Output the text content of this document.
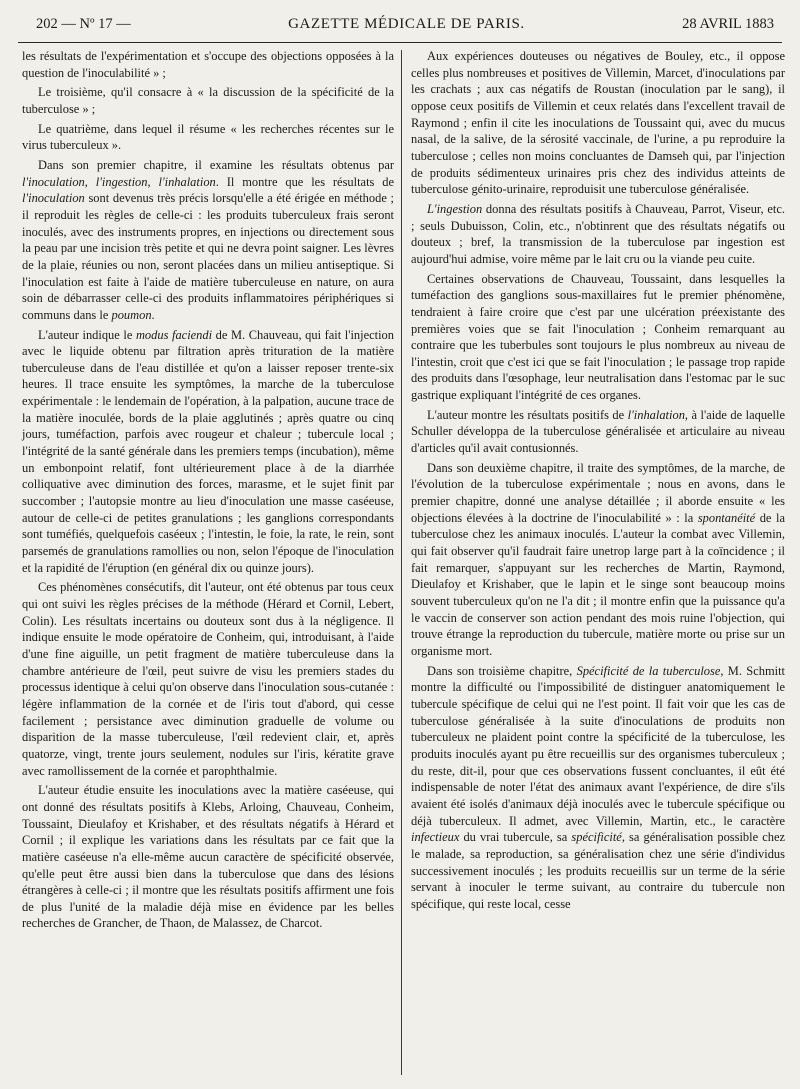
202 — Nº 17 —	GAZETTE MÉDICALE DE PARIS.	28 AVRIL 1883

les résultats de l'expérimentation et s'occupe des objections opposées à la question de l'inoculabilité » ;

Le troisième, qu'il consacre à « la discussion de la spécificité de la tuberculose » ;

Le quatrième, dans lequel il résume « les recherches récentes sur le virus tuberculeux ».

Dans son premier chapitre, il examine les résultats obtenus par l'inoculation, l'ingestion, l'inhalation. Il montre que les résultats de l'inoculation sont devenus très précis lorsqu'elle a été érigée en méthode ; il reproduit les règles de celle-ci : les produits tuberculeux frais seront inoculés, avec des instruments propres, en injections ou directement sous la peau par une incision très petite et qui ne devra point saigner. Les lèvres de la plaie, réunies ou non, seront placées dans un milieu antiseptique. Si l'inoculation est faite à l'aide de matière tuberculeuse en nature, on aura soin de débarrasser celle-ci des produits inflammatoires périphériques si communs dans le poumon.

L'auteur indique le modus faciendi de M. Chauveau, qui fait l'injection avec le liquide obtenu par filtration après trituration de la matière tuberculeuse dans de l'eau distillée et qu'on a laisser reposer trente-six heures. Il trace ensuite les symptômes, la marche de la tuberculose expérimentale : le lendemain de l'opération, à la palpation, aucune trace de la matière inoculée, bords de la plaie agglutinés ; après quatre ou cinq jours, tuméfaction, parfois avec rougeur et chaleur ; tubercule local ; l'intégrité de la santé générale dans les premiers temps (incubation), même un embonpoint relatif, font ultérieurement place à de la diarrhée colliquative avec diminution des forces, marasme, et le sujet finit par succomber ; l'autopsie montre au lieu d'inoculation une masse caséeuse, autour de celle-ci de petites granulations ; les ganglions correspondants sont tuméfiés, quelquefois caséeux ; l'intestin, le foie, la rate, le rein, sont parsemés de granulations ramollies ou non, selon l'époque de l'inoculation et la rapidité de l'éruption (en général dix ou quinze jours).

Ces phénomènes consécutifs, dit l'auteur, ont été obtenus par tous ceux qui ont suivi les règles précises de la méthode (Hérard et Cornil, Lebert, Colin). Les résultats incertains ou douteux sont dus à la négligence. Il indique ensuite le mode opératoire de Conheim, qui, introduisant, à l'aide d'une fine aiguille, un petit fragment de matière tuberculeuse dans la chambre antérieure de l'œil, peut suivre de visu les premiers stades du processus identique à celui qu'on observe dans l'inoculation sous-cutanée : légère inflammation de la cornée et de l'iris tout d'abord, qui cesse facilement ; persistance avec diminution graduelle de volume ou disparition de la masse tuberculeuse, l'œil redevient clair, et, après quatorze, vingt, trente jours seulement, nodules sur l'iris, kératite grave avec ramollissement de la cornée et parophthalmie.

L'auteur étudie ensuite les inoculations avec la matière caséeuse, qui ont donné des résultats positifs à Klebs, Arloing, Chauveau, Conheim, Toussaint, Dieulafoy et Krishaber, et des résultats négatifs à Hérard et Cornil ; il explique les variations dans les résultats par ce fait que la matière caséeuse n'a elle-même aucun caractère de spécificité observée, qu'elle peut être aussi bien dans la tuberculose que dans des lésions étrangères à celle-ci ; il montre que les résultats positifs affirment une fois de plus l'unité de la maladie déjà mise en évidence par les belles recherches de Grancher, de Thaon, de Malassez, de Charcot.

Aux expériences douteuses ou négatives de Bouley, etc., il oppose celles plus nombreuses et positives de Villemin, Marcet, d'inoculations par les crachats ; aux cas négatifs de Roustan (inoculation par le sang), il oppose ceux positifs de Villemin et ceux relatés dans l'excellent travail de Raymond ; enfin il cite les inoculations de Toussaint qui, avec du mucus nasal, de la salive, de la sérosité vaccinale, de l'urine, a pu reproduire la tuberculose ; celles non moins concluantes de Damseh qui, par l'injection de produits sédimenteux urinaires pris chez des individus atteints de tuberculose génito-urinaire, reproduisit une tuberculose généralisée.

L'ingestion donna des résultats positifs à Chauveau, Parrot, Viseur, etc. ; seuls Dubuisson, Colin, etc., n'obtinrent que des résultats négatifs ou douteux ; bref, la transmission de la tuberculose par ingestion est aujourd'hui admise, voire même par le lait cru ou la viande peu cuite.

Certaines observations de Chauveau, Toussaint, dans lesquelles la tuméfaction des ganglions sous-maxillaires fut le premier phénomène, tendraient à faire croire que c'est par une ulcération préexistante des premières voies que se fait l'inoculation ; Conheim remarquant au contraire que les tuberbules sont toujours le plus nombreux au niveau de l'intestin, croit que c'est ici que se fait l'inoculation ; le passage trop rapide des produits dans l'œsophage, leur neutralisation dans l'estomac par le suc gastrique expliquant l'intégrité de ces organes.

L'auteur montre les résultats positifs de l'inhalation, à l'aide de laquelle Schuller développa de la tuberculose généralisée et articulaire au niveau d'articles qu'il avait contusionnés.

Dans son deuxième chapitre, il traite des symptômes, de la marche, de l'évolution de la tuberculose expérimentale ; nous en avons, dans le premier chapitre, donné une analyse détaillée ; il aborde ensuite « les objections élevées à la doctrine de l'inoculabilité » : la spontanéité de la tuberculose chez les animaux inoculés. L'auteur la combat avec Villemin, qui fait observer qu'il faudrait faire unetrop large part à la coïncidence ; il fait remarquer, s'appuyant sur les recherches de Martin, Raymond, Dieulafoy et Krishaber, que le lapin et le singe sont beaucoup moins souvent tuberculeux qu'on ne l'a dit ; il montre enfin que la puissance qu'a le vaccin de conserver son action pendant des mois ruine l'objection, qui trouve étrange la reproduction du tubercule, matière morte ou prise sur un organisme mort.

Dans son troisième chapitre, Spécificité de la tuberculose, M. Schmitt montre la difficulté ou l'impossibilité de distinguer anatomiquement le tubercule spécifique de celui qui ne l'est point. Il fait voir que les cas de tuberculose généralisée à la suite d'inoculations de produits non tuberculeux ne plaident point contre la spécificité de la tuberculose, les produits inoculés ayant pu être recueillis sur des organismes tuberculeux ; du reste, dit-il, pour que ces observations fussent concluantes, il eût été indispensable de noter l'état des animaux avant l'expérience, de dire s'ils avaient été isolés d'animaux déjà inoculés avec le tubercule spécifique ou déjà tuberculeux. Il admet, avec Villemin, Martin, etc., le caractère infectieux du vrai tubercule, sa spécificité, sa généralisation possible chez le malade, sa reproduction, sa généralisation chez une série d'individus successivement inoculés ; les produits recueillis sur un terme de la série servant à inoculer le terme suivant, au contraire du tubercule non spécifique, qui reste local, cesse
